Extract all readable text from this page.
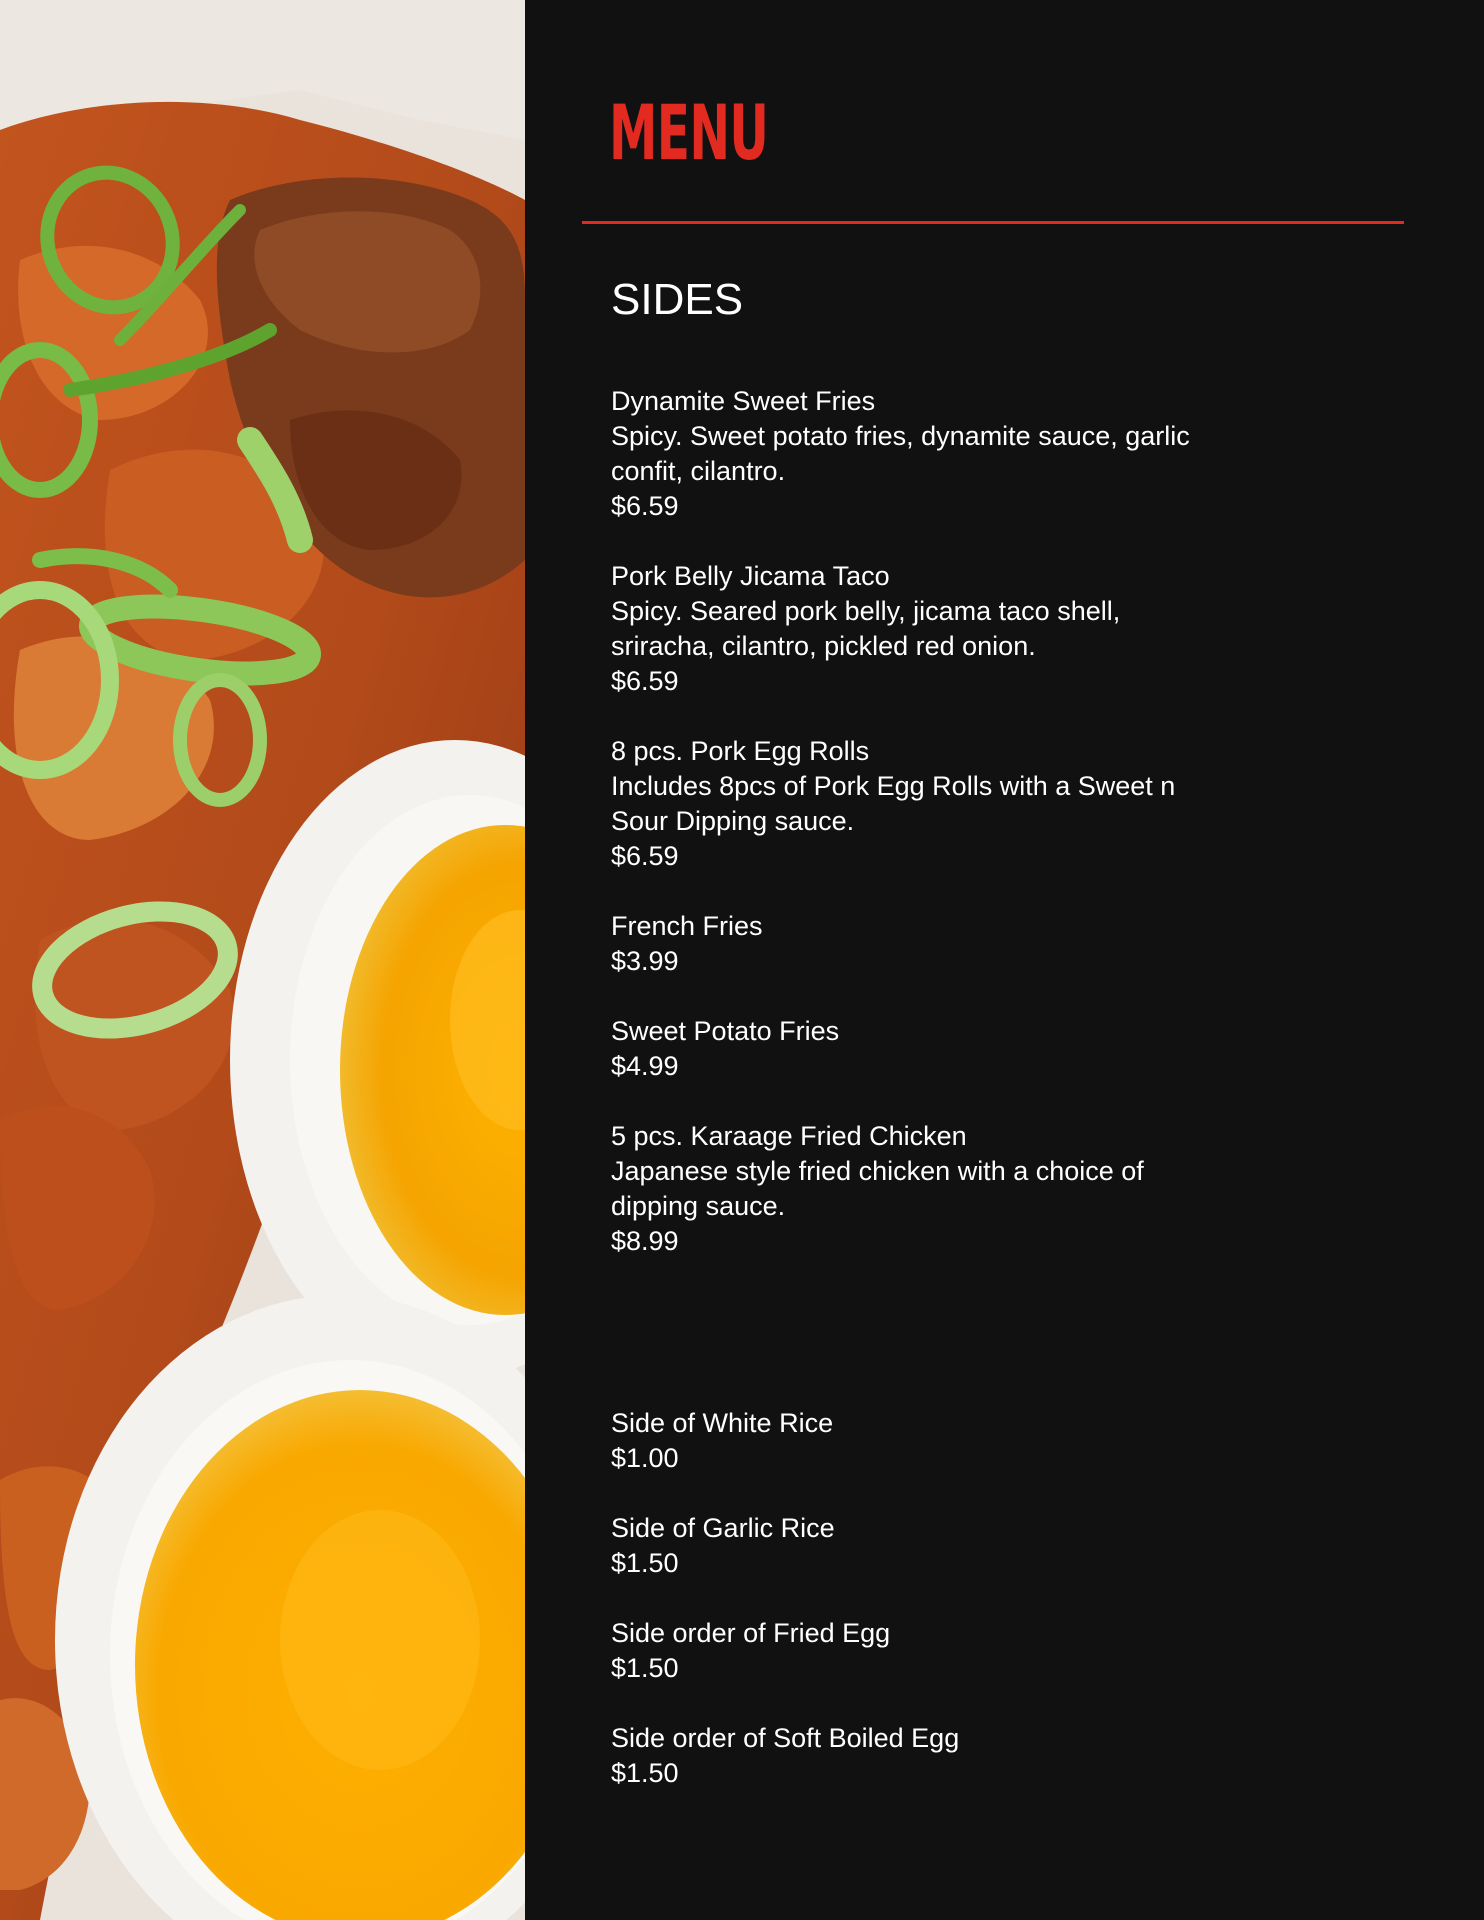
MENU
SIDES
Dynamite Sweet Fries
Spicy. Sweet potato fries, dynamite sauce, garlic
confit, cilantro.
$6.59
Pork Belly Jicama Taco
Spicy. Seared pork belly, jicama taco shell,
sriracha, cilantro, pickled red onion.
$6.59
8 pcs. Pork Egg Rolls
Includes 8pcs of Pork Egg Rolls with a Sweet n
Sour Dipping sauce.
$6.59
French Fries
$3.99
Sweet Potato Fries
$4.99
5 pcs. Karaage Fried Chicken
Japanese style fried chicken with a choice of
dipping sauce.
$8.99
Side of White Rice
$1.00
Side of Garlic Rice
$1.50
Side order of Fried Egg
$1.50
Side order of Soft Boiled Egg
$1.50
